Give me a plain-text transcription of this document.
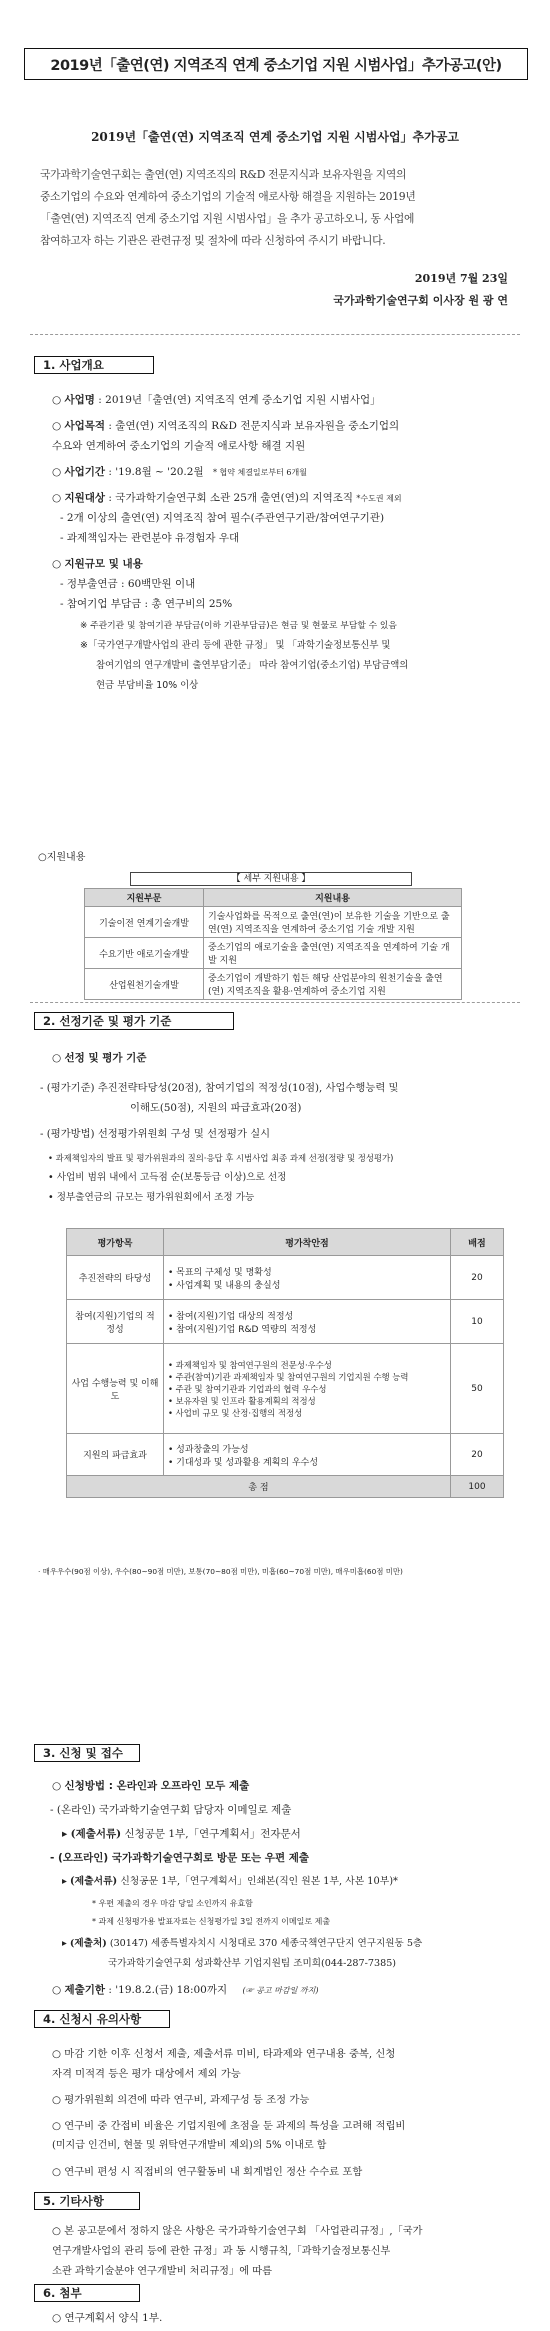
2019년「출연(연) 지역조직 연계 중소기업 지원 시범사업」추가공고(안)
2019년「출연(연) 지역조직 연계 중소기업 지원 시범사업」추가공고
국가과학기술연구회는 출연(연) 지역조직의 R&D 전문지식과 보유자원을 지역의
중소기업의 수요와 연계하여 중소기업의 기술적 애로사항 해결을 지원하는 2019년
「출연(연) 지역조직 연계 중소기업 지원 시범사업」을 추가 공고하오니, 동 사업에
참여하고자 하는 기관은 관련규정 및 절차에 따라 신청하여 주시기 바랍니다.
2019년 7월 23일
국가과학기술연구회 이사장 원 광 연
1. 사업개요
○ 사업명 : 2019년「출연(연) 지역조직 연계 중소기업 지원 시범사업」
○ 사업목적 : 출연(연) 지역조직의 R&D 전문지식과 보유자원을 중소기업의
수요와 연계하여 중소기업의 기술적 애로사항 해결 지원
○ 사업기간 : '19.8월 ~ '20.2월 * 협약 체결일로부터 6개월
○ 지원대상 : 국가과학기술연구회 소관 25개 출연(연)의 지역조직 *수도권 제외
- 2개 이상의 출연(연) 지역조직 참여 필수(주관연구기관/참여연구기관)
- 과제책임자는 관련분야 유경험자 우대
○ 지원규모 및 내용
- 정부출연금 : 60백만원 이내
- 참여기업 부담금 : 총 연구비의 25%
※ 주관기관 및 참여기관 부담금(이하 기관부담금)은 현금 및 현물로 부담할 수 있음
※「국가연구개발사업의 관리 등에 관한 규정」 및 「과학기술정보통신부 및
참여기업의 연구개발비 출연부담기준」 따라 참여기업(중소기업) 부담금액의
현금 부담비율 10% 이상
○지원내용
【 세부 지원내용 】
지원부문	지원내용
기술이전 연계기술개발	기술사업화를 목적으로 출연(연)이 보유한 기술을 기반으로 출연(연) 지역조직을 연계하여 중소기업 기술 개발 지원
수요기반 애로기술개발	중소기업의 애로기술을 출연(연) 지역조직을 연계하여 기술 개발 지원
산업원천기술개발	중소기업이 개발하기 힘든 해당 산업분야의 원천기술을 출연(연) 지역조직을 활용·연계하여 중소기업 지원
2. 선정기준 및 평가 기준
○ 선정 및 평가 기준
- (평가기준) 추진전략타당성(20점), 참여기업의 적정성(10점), 사업수행능력 및
이해도(50점), 지원의 파급효과(20점)
- (평가방법) 선정평가위원회 구성 및 선정평가 실시
• 과제책임자의 발표 및 평가위원과의 질의·응답 후 시범사업 최종 과제 선정(정량 및 정성평가)
• 사업비 범위 내에서 고득점 순(보통등급 이상)으로 선정
• 정부출연금의 규모는 평가위원회에서 조정 가능
평가항목	평가착안점	배점
추진전략의 타당성	• 목표의 구체성 및 명확성
• 사업계획 및 내용의 충실성	20
참여(지원)기업의 적정성	• 참여(지원)기업 대상의 적정성
• 참여(지원)기업 R&D 역량의 적정성	10
사업 수행능력 및 이해도	• 과제책임자 및 참여연구원의 전문성·우수성
• 주관(참여)기관 과제책임자 및 참여연구원의 기업지원 수행 능력
• 주관 및 참여기관과 기업과의 협력 우수성
• 보유자원 및 인프라 활용계획의 적정성
• 사업비 규모 및 산정·집행의 적정성	50
지원의 파급효과	• 성과창출의 가능성
• 기대성과 및 성과활용 계획의 우수성	20
총 점		100
· 매우우수(90점 이상), 우수(80~90점 미만), 보통(70~80점 미만), 미흡(60~70점 미만), 매우미흡(60점 미만)
3. 신청 및 접수
○ 신청방법 : 온라인과 오프라인 모두 제출
- (온라인) 국가과학기술연구회 담당자 이메일로 제출
▸ (제출서류) 신청공문 1부,「연구계획서」전자문서
- (오프라인) 국가과학기술연구회로 방문 또는 우편 제출
▸ (제출서류) 신청공문 1부,「연구계획서」인쇄본(직인 원본 1부, 사본 10부)*
* 우편 제출의 경우 마감 당일 소인까지 유효함
* 과제 신청평가용 발표자료는 신청평가일 3일 전까지 이메일로 제출
▸ (제출처) (30147) 세종특별자치시 시청대로 370 세종국책연구단지 연구지원동 5층
국가과학기술연구회 성과확산부 기업지원팀 조미희(044-287-7385)
○ 제출기한 : '19.8.2.(금) 18:00까지 (☞ 공고 마감일 까지)
4. 신청시 유의사항
○ 마감 기한 이후 신청서 제출, 제출서류 미비, 타과제와 연구내용 중복, 신청
자격 미적격 등은 평가 대상에서 제외 가능
○ 평가위원회 의견에 따라 연구비, 과제구성 등 조정 가능
○ 연구비 중 간접비 비율은 기업지원에 초점을 둔 과제의 특성을 고려해 적립비
(미지급 인건비, 현물 및 위탁연구개발비 제외)의 5% 이내로 함
○ 연구비 편성 시 직접비의 연구활동비 내 회계법인 정산 수수료 포함
5. 기타사항
○ 본 공고문에서 정하지 않은 사항은 국가과학기술연구회 「사업관리규정」,「국가
연구개발사업의 관리 등에 관한 규정」과 동 시행규칙,「과학기술정보통신부
소관 과학기술분야 연구개발비 처리규정」에 따름
6. 첨부
○ 연구계획서 양식 1부.
